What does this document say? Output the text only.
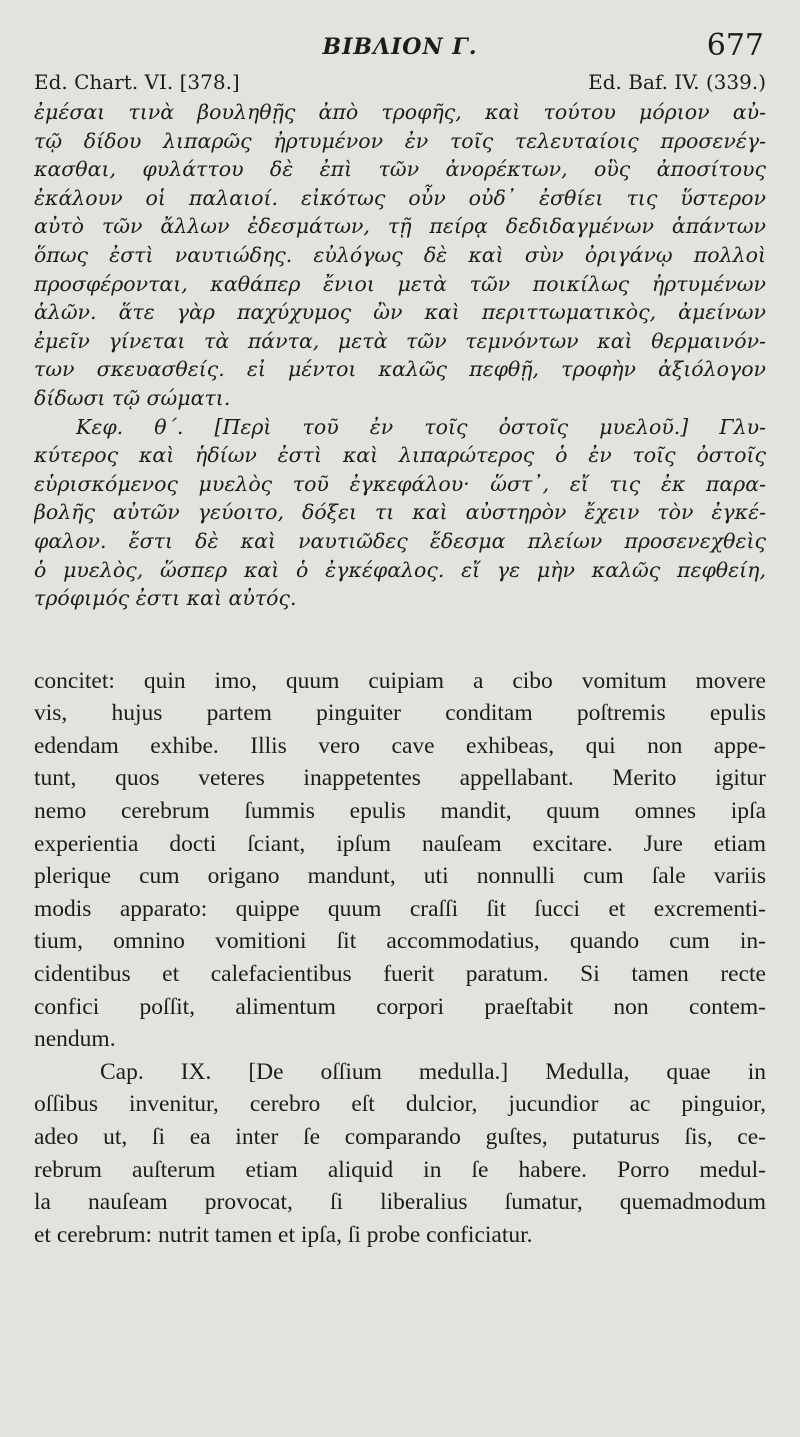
ΒΙΒΛΙΟΝ Γ.	677
Ed. Chart. VI. [378.]	Ed. Baf. IV. (339.)
ἐμέσαι τινὰ βουληθῇς ἀπὸ τροφῆς, καὶ τούτου μόριον αὐ-
τῷ δίδου λιπαρῶς ἠρτυμένον ἐν τοῖς τελευταίοις προσενέγ-
κασθαι, φυλάττου δὲ ἐπὶ τῶν ἀνορέκτων, οὓς ἀποσίτους
ἐκάλουν οἱ παλαιοί. εἰκότως οὖν οὐδ᾽ ἐσθίει τις ὕστερον
αὐτὸ τῶν ἄλλων ἐδεσμάτων, τῇ πείρᾳ δεδιδαγμένων ἁπάντων
ὅπως ἐστὶ ναυτιώδης. εὐλόγως δὲ καὶ σὺν ὀριγάνῳ πολλοὶ
προσφέρονται, καθάπερ ἔνιοι μετὰ τῶν ποικίλως ἠρτυμένων
ἁλῶν. ἅτε γὰρ παχύχυμος ὢν καὶ περιττωματικὸς, ἀμείνων
ἐμεῖν γίνεται τὰ πάντα, μετὰ τῶν τεμνόντων καὶ θερμαινόν-
των σκευασθείς. εἰ μέντοι καλῶς πεφθῇ, τροφὴν ἀξιόλογον
δίδωσι τῷ σώματι.
Κεφ. θ΄. [Περὶ τοῦ ἐν τοῖς ὀστοῖς μυελοῦ.] Γλυ-
κύτερος καὶ ἡδίων ἐστὶ καὶ λιπαρώτερος ὁ ἐν τοῖς ὀστοῖς
εὑρισκόμενος μυελὸς τοῦ ἐγκεφάλου· ὥστ᾽, εἴ τις ἐκ παρα-
βολῆς αὐτῶν γεύοιτο, δόξει τι καὶ αὐστηρὸν ἔχειν τὸν ἐγκέ-
φαλον. ἔστι δὲ καὶ ναυτιῶδες ἔδεσμα πλείων προσενεχθεὶς
ὁ μυελὸς, ὥσπερ καὶ ὁ ἐγκέφαλος. εἴ γε μὴν καλῶς πεφθείη,
τρόφιμός ἐστι καὶ αὐτός.
concitet: quin imo, quum cuipiam a cibo vomitum movere
vis, hujus partem pinguiter conditam poſtremis epulis
edendam exhibe. Illis vero cave exhibeas, qui non appe-
tunt, quos veteres inappetentes appellabant. Merito igitur
nemo cerebrum ſummis epulis mandit, quum omnes ipſa
experientia docti ſciant, ipſum nauſeam excitare. Jure etiam
plerique cum origano mandunt, uti nonnulli cum ſale variis
modis apparato: quippe quum craſſi ſit ſucci et excrementi-
tium, omnino vomitioni ſit accommodatius, quando cum in-
cidentibus et calefacientibus fuerit paratum. Si tamen recte
confici poſſit, alimentum corpori praeſtabit non contem-
nendum.
Cap. IX. [De oſſium medulla.] Medulla, quae in
oſſibus invenitur, cerebro eſt dulcior, jucundior ac pinguior,
adeo ut, ſi ea inter ſe comparando guſtes, putaturus ſis, ce-
rebrum auſterum etiam aliquid in ſe habere. Porro medul-
la nauſeam provocat, ſi liberalius ſumatur, quemadmodum
et cerebrum: nutrit tamen et ipſa, ſi probe conficiatur.
